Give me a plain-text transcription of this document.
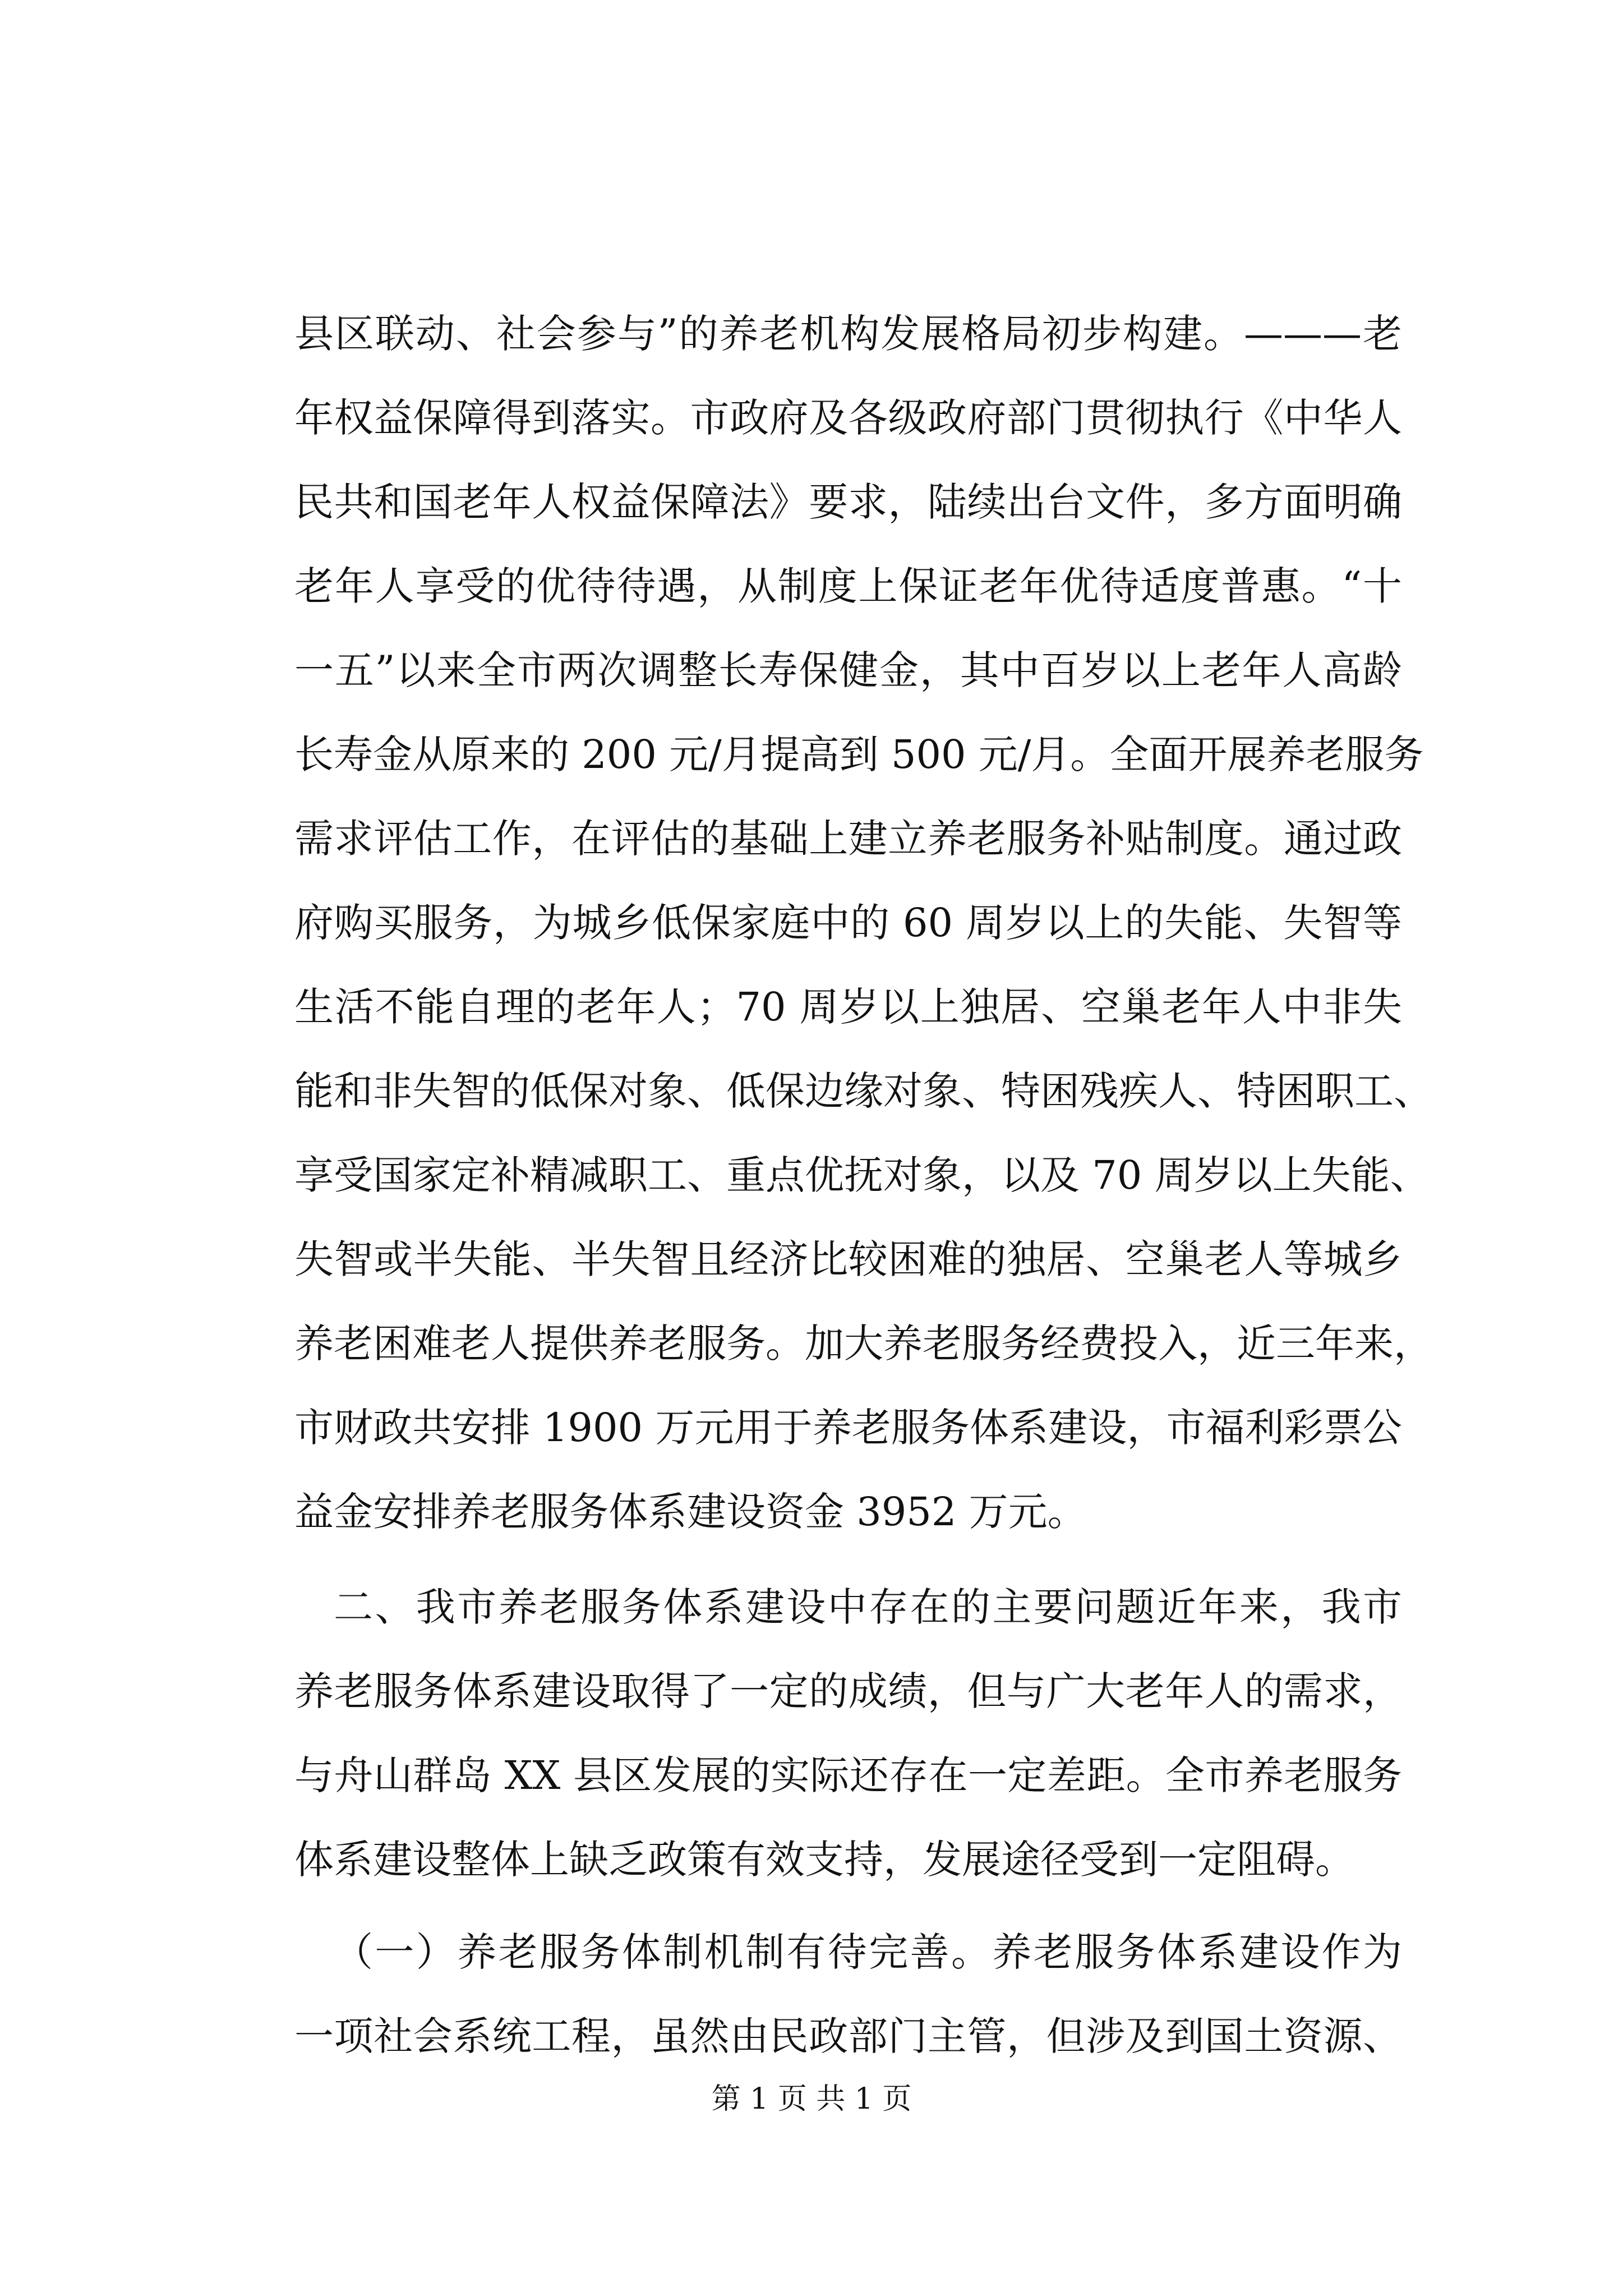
县区联动、社会参与”的养老机构发展格局初步构建。———老
年权益保障得到落实。市政府及各级政府部门贯彻执行《中华人
民共和国老年人权益保障法》要求，陆续出台文件，多方面明确
老年人享受的优待待遇，从制度上保证老年优待适度普惠。“十
一五”以来全市两次调整长寿保健金，其中百岁以上老年人高龄
长寿金从原来的 200 元/月提高到 500 元/月。全面开展养老服务
需求评估工作，在评估的基础上建立养老服务补贴制度。通过政
府购买服务，为城乡低保家庭中的 60 周岁以上的失能、失智等
生活不能自理的老年人；70 周岁以上独居、空巢老年人中非失
能和非失智的低保对象、低保边缘对象、特困残疾人、特困职工、
享受国家定补精减职工、重点优抚对象，以及 70 周岁以上失能、
失智或半失能、半失智且经济比较困难的独居、空巢老人等城乡
养老困难老人提供养老服务。加大养老服务经费投入，近三年来，
市财政共安排 1900 万元用于养老服务体系建设，市福利彩票公
益金安排养老服务体系建设资金 3952 万元。
二、我市养老服务体系建设中存在的主要问题近年来，我市
养老服务体系建设取得了一定的成绩，但与广大老年人的需求，
与舟山群岛 XX 县区发展的实际还存在一定差距。全市养老服务
体系建设整体上缺乏政策有效支持，发展途径受到一定阻碍。
（一）养老服务体制机制有待完善。养老服务体系建设作为
一项社会系统工程，虽然由民政部门主管，但涉及到国土资源、
第 1 页 共 1 页
